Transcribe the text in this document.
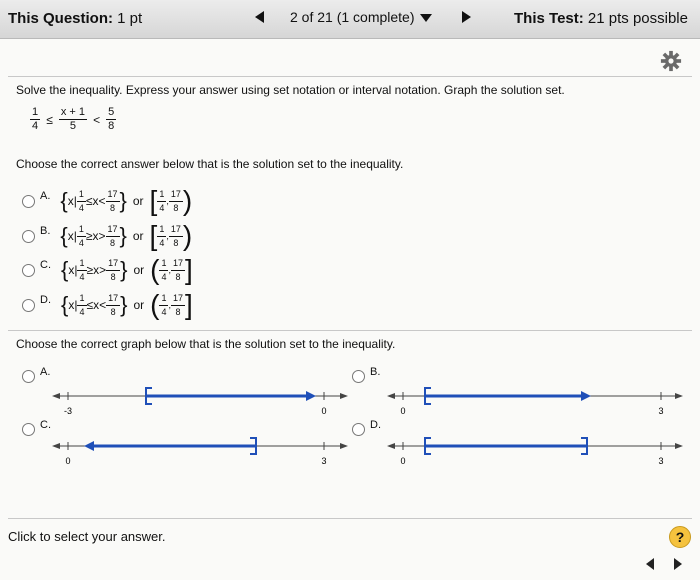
This Question: 1 pt	2 of 21 (1 complete)	This Test: 21 pts possible
Solve the inequality. Express your answer using set notation or interval notation. Graph the solution set.
$\frac{1}{4} \le \frac{x + 1}{5} < \frac{5}{8}$
Choose the correct answer below that is the solution set to the inequality.
A. { $x| \frac{1}{4} \le x< \frac{17}{8}$ } or [ $\frac{1}{4}$ , $\frac{17}{8}$ )
B. { $x| \frac{1}{4} \ge x> \frac{17}{8}$ } or [ $\frac{1}{4}$ , $\frac{17}{8}$ )
C. { $x| \frac{1}{4} \ge x> \frac{17}{8}$ } or ( $\frac{1}{4}$ , $\frac{17}{8}$ ]
D. { $x| \frac{1}{4} \le x< \frac{17}{8}$ } or ( $\frac{1}{4}$ , $\frac{17}{8}$ ]
Choose the correct graph below that is the solution set to the inequality.
A.
-3	0
B.
0	3
C.
0	3
D.
0	3
Click to select your answer.	?
